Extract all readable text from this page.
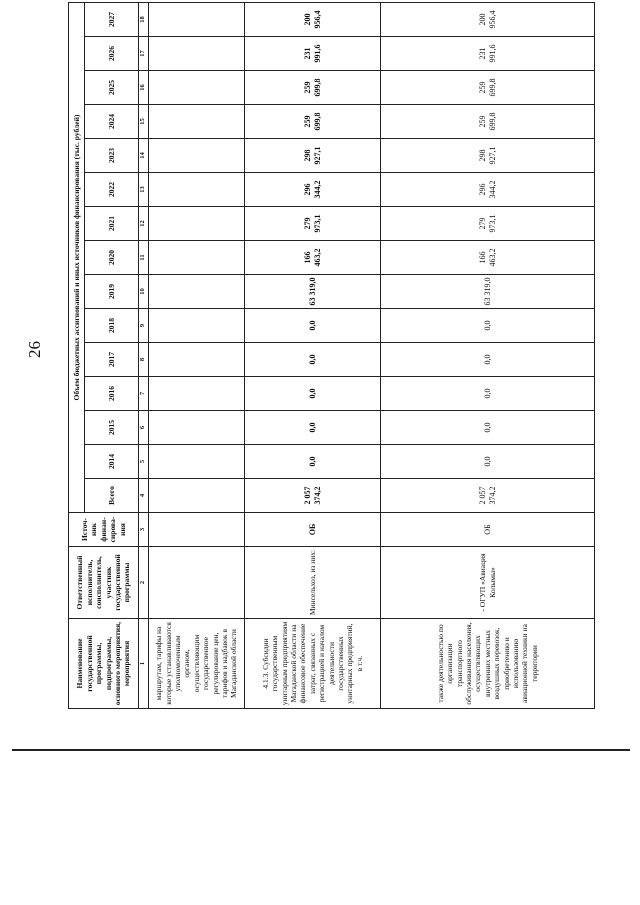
26
Наименование государственной программы, подпрограммы, основного мероприятия, мероприятия	Ответственный исполнитель, соисполнитель, участник государственной программы	Источ-ник финан-сирова-ния	Объем бюджетных ассигнований и иных источников финансирования (тыс. рублей)														
			Всего	2014	2015	2016	2017	2018	2019	2020	2021	2022	2023	2024	2025	2026	2027
1	2	3	4	5	6	7	8	9	10	11	12	13	14	15	16	17	18
маршрутам, тарифы на которые устанавливаются уполномоченным органом, осуществляющим государственное регулирование цен, тарифов и надбавок в Магаданской области																	
4.1.3. Субсидии государственным унитарным предприятиям Магаданской области на финансовое обеспечение затрат, связанных с регистрацией и началом деятельности государственных унитарных предприятий, в т.ч.	Минсельхоз, из них:	ОБ	2 057 374,2	0,0	0,0	0,0	0,0	0,0	63 319,0	166 463,2	279 973,1	296 344,2	298 927,1	259 699,8	259 699,8	231 991,6	200 956,4
также деятельностью по организации транспортного обслуживания населения, осуществляющих внутренних местных воздушных перевозок, приобретению и использованию авиационной техники на территории	- ОГУП «Авиация Колымы»	ОБ	2 057 374,2	0,0	0,0	0,0	0,0	0,0	63 319,0	166 463,2	279 973,1	296 344,2	298 927,1	259 699,8	259 699,8	231 991,6	200 956,4
